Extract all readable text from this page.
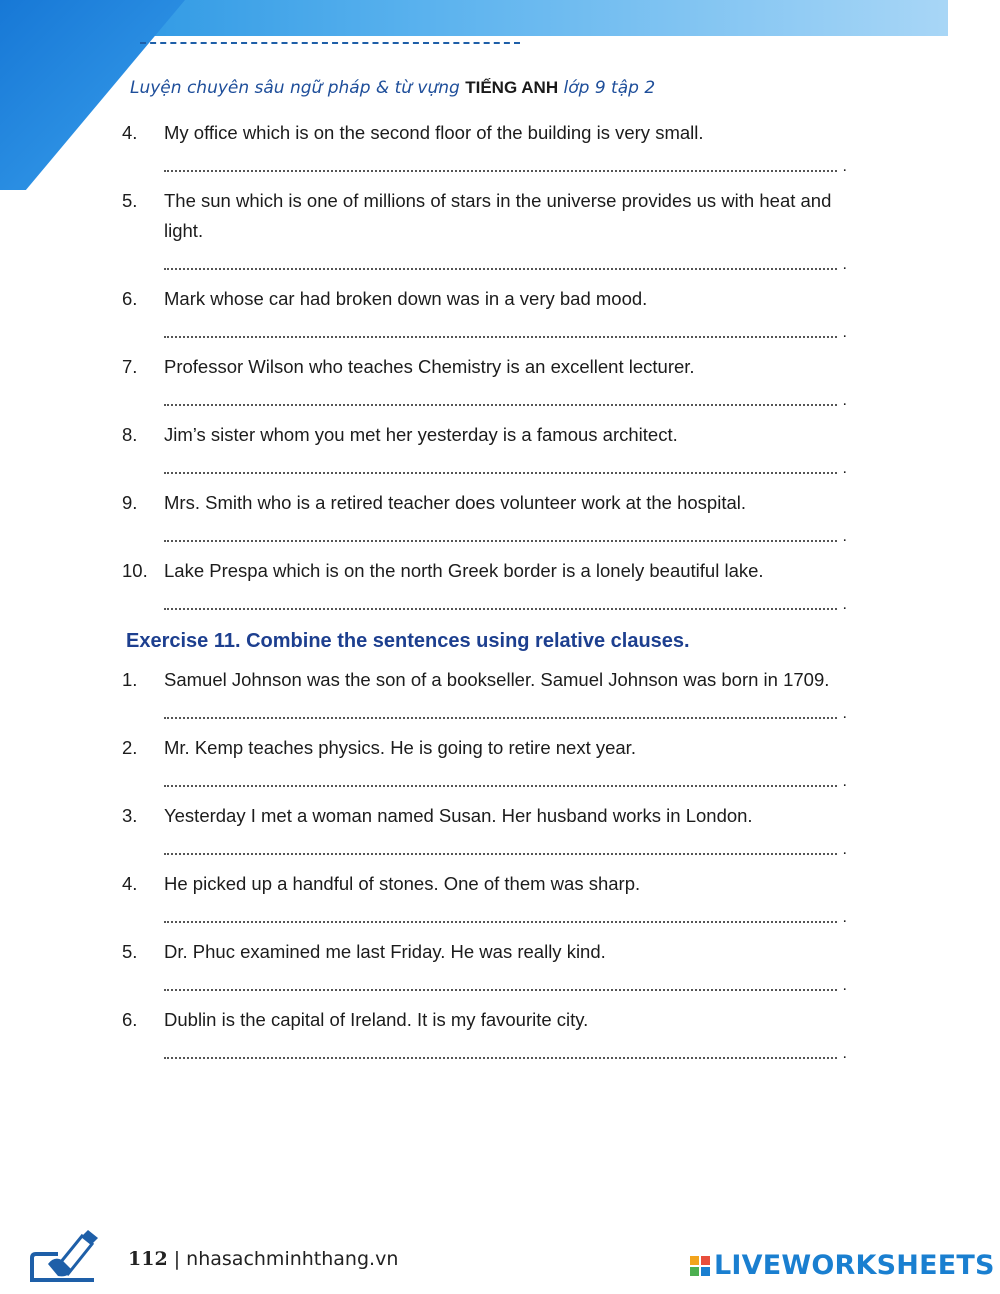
Luyện chuyên sâu ngữ pháp & từ vựng TIẾNG ANH lớp 9 tập 2
4.	My office which is on the second floor of the building is very small.
.
5.	The sun which is one of millions of stars in the universe provides us with heat and light.
.
6.	Mark whose car had broken down was in a very bad mood.
.
7.	Professor Wilson who teaches Chemistry is an excellent lecturer.
.
8.	Jim’s sister whom you met her yesterday is a famous architect.
.
9.	Mrs. Smith who is a retired teacher does volunteer work at the hospital.
.
10. Lake Prespa which is on the north Greek border is a lonely beautiful lake.
.
Exercise 11. Combine the sentences using relative clauses.
1.	Samuel Johnson was the son of a bookseller. Samuel Johnson was born in 1709.
.
2.	Mr. Kemp teaches physics. He is going to retire next year.
.
3.	Yesterday I met a woman named Susan. Her husband works in London.
.
4.	He picked up a handful of stones. One of them was sharp.
.
5.	Dr. Phuc examined me last Friday. He was really kind.
.
6.	Dublin is the capital of Ireland. It is my favourite city.
.
112 | nhasachminhthang.vn	LIVEWORKSHEETS
